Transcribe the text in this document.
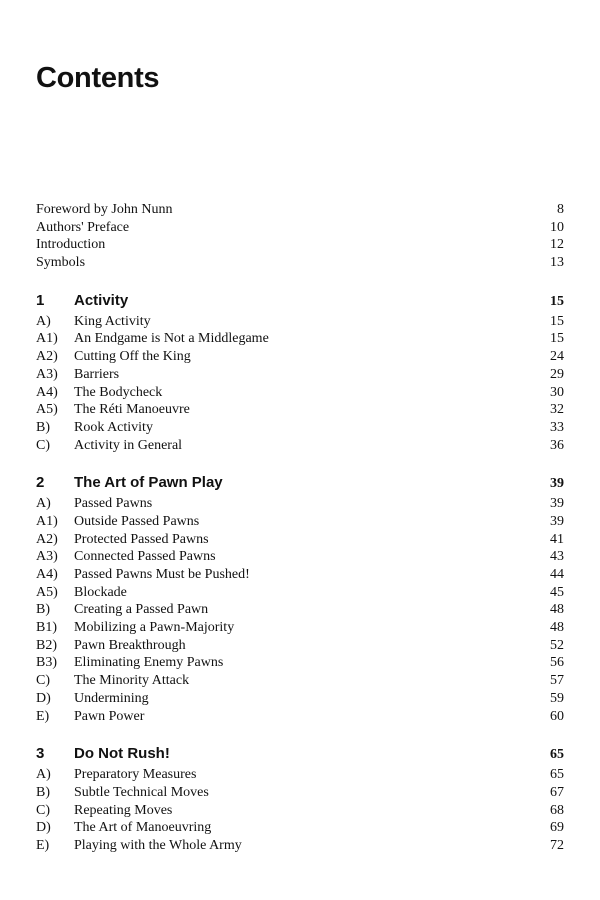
Contents
Foreword by John Nunn	8
Authors' Preface	10
Introduction	12
Symbols	13
1	Activity	15
A)	King Activity	15
A1)	An Endgame is Not a Middlegame	15
A2)	Cutting Off the King	24
A3)	Barriers	29
A4)	The Bodycheck	30
A5)	The Réti Manoeuvre	32
B)	Rook Activity	33
C)	Activity in General	36
2	The Art of Pawn Play	39
A)	Passed Pawns	39
A1)	Outside Passed Pawns	39
A2)	Protected Passed Pawns	41
A3)	Connected Passed Pawns	43
A4)	Passed Pawns Must be Pushed!	44
A5)	Blockade	45
B)	Creating a Passed Pawn	48
B1)	Mobilizing a Pawn-Majority	48
B2)	Pawn Breakthrough	52
B3)	Eliminating Enemy Pawns	56
C)	The Minority Attack	57
D)	Undermining	59
E)	Pawn Power	60
3	Do Not Rush!	65
A)	Preparatory Measures	65
B)	Subtle Technical Moves	67
C)	Repeating Moves	68
D)	The Art of Manoeuvring	69
E)	Playing with the Whole Army	72
